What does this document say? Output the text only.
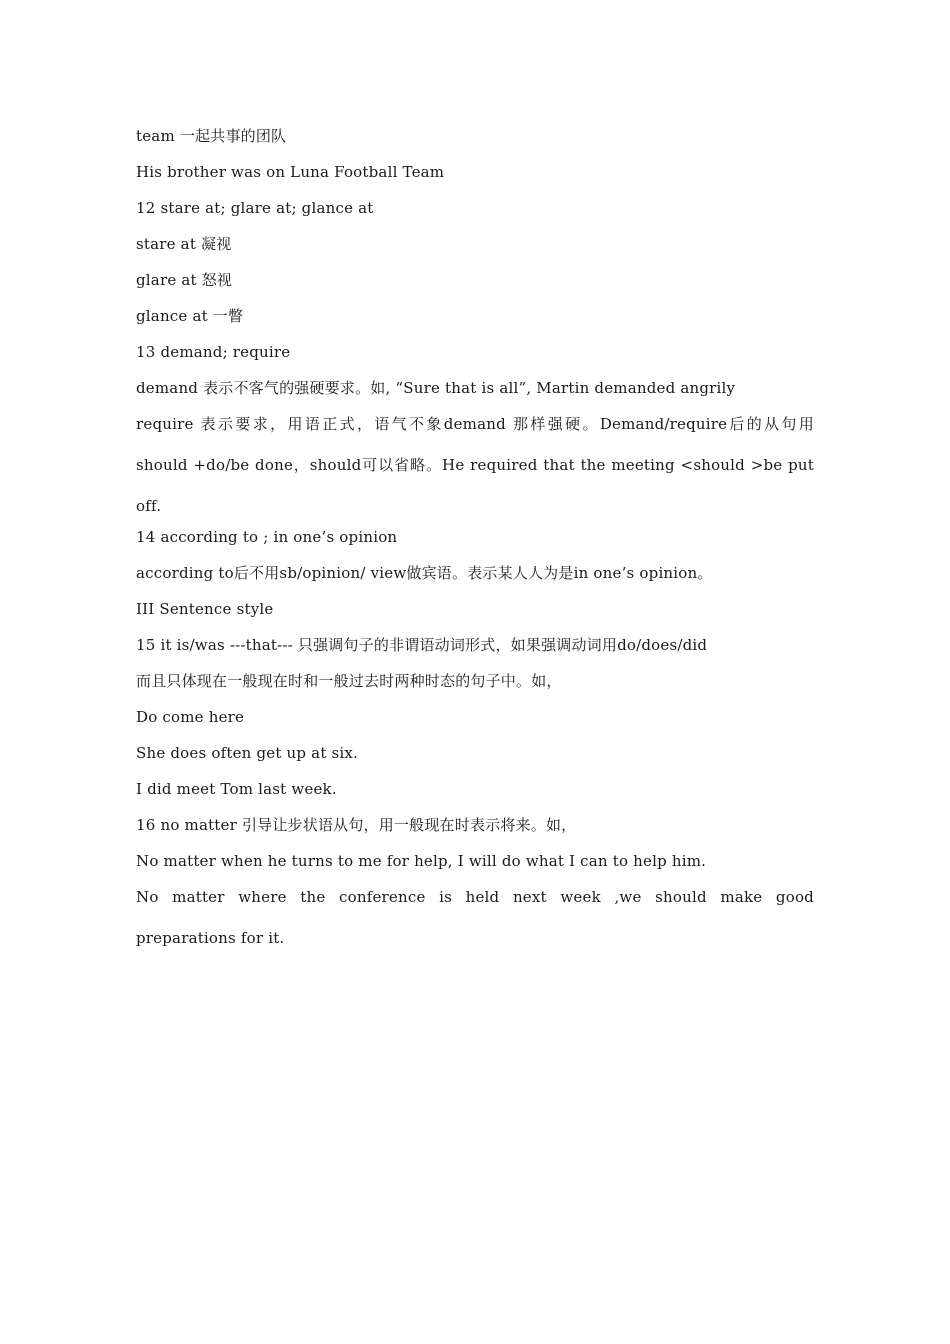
team 一起共事的团队
His brother was on Luna Football Team
12 stare at; glare at; glance at
stare at 凝视
glare at 怒视
glance at 一瞥
13 demand; require
demand 表示不客气的强硬要求。如, “Sure that is all”, Martin demanded angrily
require 表示要求，用语正式，语气不象demand 那样强硬。Demand/require后的从句用 should +do/be done，should可以省略。He required that the meeting <should >be put off.
14 according to ; in one’s opinion
according to后不用sb/opinion/ view做宾语。表示某人人为是in one’s opinion。
III Sentence style
15 it is/was ---that--- 只强调句子的非谓语动词形式，如果强调动词用do/does/did
而且只体现在一般现在时和一般过去时两种时态的句子中。如，
Do come here
She does often get up at six.
I did meet Tom last week.
16 no matter 引导让步状语从句，用一般现在时表示将来。如，
No matter when he turns to me for help, I will do what I can to help him.
No matter where the conference is held next week ,we should make good preparations for it.
